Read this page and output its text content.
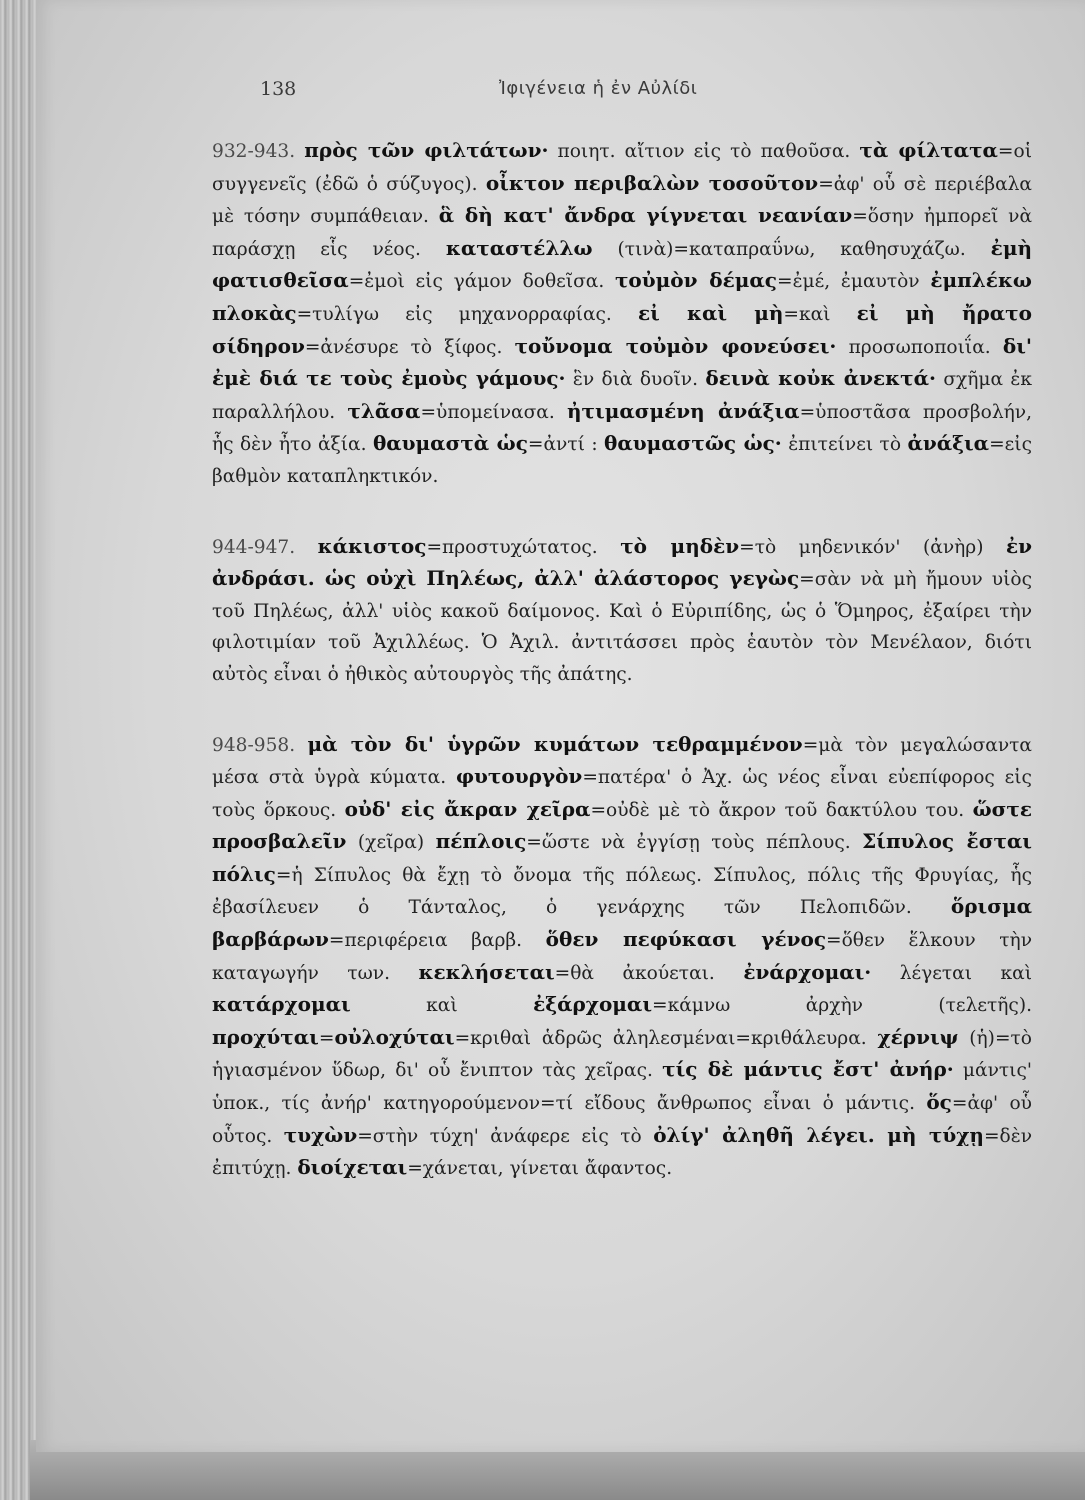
138	Ἰφιγένεια ἡ ἐν Αὐλίδι

932-943. πρὸς τῶν φιλτάτων· ποιητ. αἴτιον εἰς τὸ παθοῦσα. τὰ φίλτατα=οἱ συγγενεῖς (ἐδῶ ὁ σύζυγος). οἶκτον περιβαλὼν τοσοῦτον=ἀφ' οὗ σὲ περιέβαλα μὲ τόσην συμπάθειαν. ἃ δὴ κατ' ἄνδρα γίγνεται νεανίαν=ὅσην ἠμπορεῖ νὰ παράσχῃ εἷς νέος. καταστέλλω (τινὰ)=καταπραΰνω, καθησυχάζω. ἐμὴ φατισθεῖσα=ἐμοὶ εἰς γάμον δοθεῖσα. τοὐμὸν δέμας=ἐμέ, ἐμαυτὸν ἐμπλέκω πλοκὰς=τυλίγω εἰς μηχανορραφίας. εἰ καὶ μὴ=καὶ εἰ μὴ ἤρατο σίδηρον=ἀνέσυρε τὸ ξίφος. τοὔνομα τοὐμὸν φονεύσει· προσωποποιΐα. δι' ἐμὲ διά τε τοὺς ἐμοὺς γάμους· ἓν διὰ δυοῖν. δεινὰ κοὐκ ἀνεκτά· σχῆμα ἐκ παραλλήλου. τλᾶσα=ὑπομείνασα. ἠτιμασμένη ἀνάξια=ὑποστᾶσα προσβολήν, ἧς δὲν ἦτο ἀξία. θαυμαστὰ ὡς=ἀντί : θαυμαστῶς ὡς· ἐπιτείνει τὸ ἀνάξια=εἰς βαθμὸν καταπληκτικόν.

944-947. κάκιστος=προστυχώτατος. τὸ μηδὲν=τὸ μηδενικόν' (ἀνὴρ) ἐν ἀνδράσι. ὡς οὐχὶ Πηλέως, ἀλλ' ἀλάστορος γεγὼς=σὰν νὰ μὴ ἤμουν υἱὸς τοῦ Πηλέως, ἀλλ' υἱὸς κακοῦ δαίμονος. Καὶ ὁ Εὐριπίδης, ὡς ὁ Ὅμηρος, ἐξαίρει τὴν φιλοτιμίαν τοῦ Ἀχιλλέως. Ὁ Ἀχιλ. ἀντιτάσσει πρὸς ἑαυτὸν τὸν Μενέλαον, διότι αὐτὸς εἶναι ὁ ἠθικὸς αὐτουργὸς τῆς ἀπάτης.

948-958. μὰ τὸν δι' ὑγρῶν κυμάτων τεθραμμένον=μὰ τὸν μεγαλώσαντα μέσα στὰ ὑγρὰ κύματα. φυτουργὸν=πατέρα' ὁ Ἀχ. ὡς νέος εἶναι εὐεπίφορος εἰς τοὺς ὅρκους. οὐδ' εἰς ἄκραν χεῖρα=οὐδὲ μὲ τὸ ἄκρον τοῦ δακτύλου του. ὥστε προσβαλεῖν (χεῖρα) πέπλοις=ὥστε νὰ ἐγγίσῃ τοὺς πέπλους. Σίπυλος ἔσται πόλις=ἡ Σίπυλος θὰ ἔχῃ τὸ ὄνομα τῆς πόλεως. Σίπυλος, πόλις τῆς Φρυγίας, ἧς ἐβασίλευεν ὁ Τάνταλος, ὁ γενάρχης τῶν Πελοπιδῶν. ὅρισμα βαρβάρων=περιφέρεια βαρβ. ὅθεν πεφύκασι γένος=ὅθεν ἕλκουν τὴν καταγωγήν των. κεκλήσεται=θὰ ἀκούεται. ἐνάρχομαι· λέγεται καὶ κατάρχομαι καὶ ἐξάρχομαι=κάμνω ἀρχὴν (τελετῆς). προχύται=οὐλοχύται=κριθαὶ ἁδρῶς ἀληλεσμέναι=κριθάλευρα. χέρνιψ (ἡ)=τὸ ἡγιασμένον ὕδωρ, δι' οὗ ἔνιπτον τὰς χεῖρας. τίς δὲ μάντις ἔστ' ἀνήρ· μάντις' ὑποκ., τίς ἀνήρ' κατηγορούμενον=τί εἴδους ἄνθρωπος εἶναι ὁ μάντις. ὅς=ἀφ' οὗ οὗτος. τυχὼν=στὴν τύχη' ἀνάφερε εἰς τὸ ὀλίγ' ἀληθῆ λέγει. μὴ τύχῃ=δὲν ἐπιτύχῃ. διοίχεται=χάνεται, γίνεται ἄφαντος.
